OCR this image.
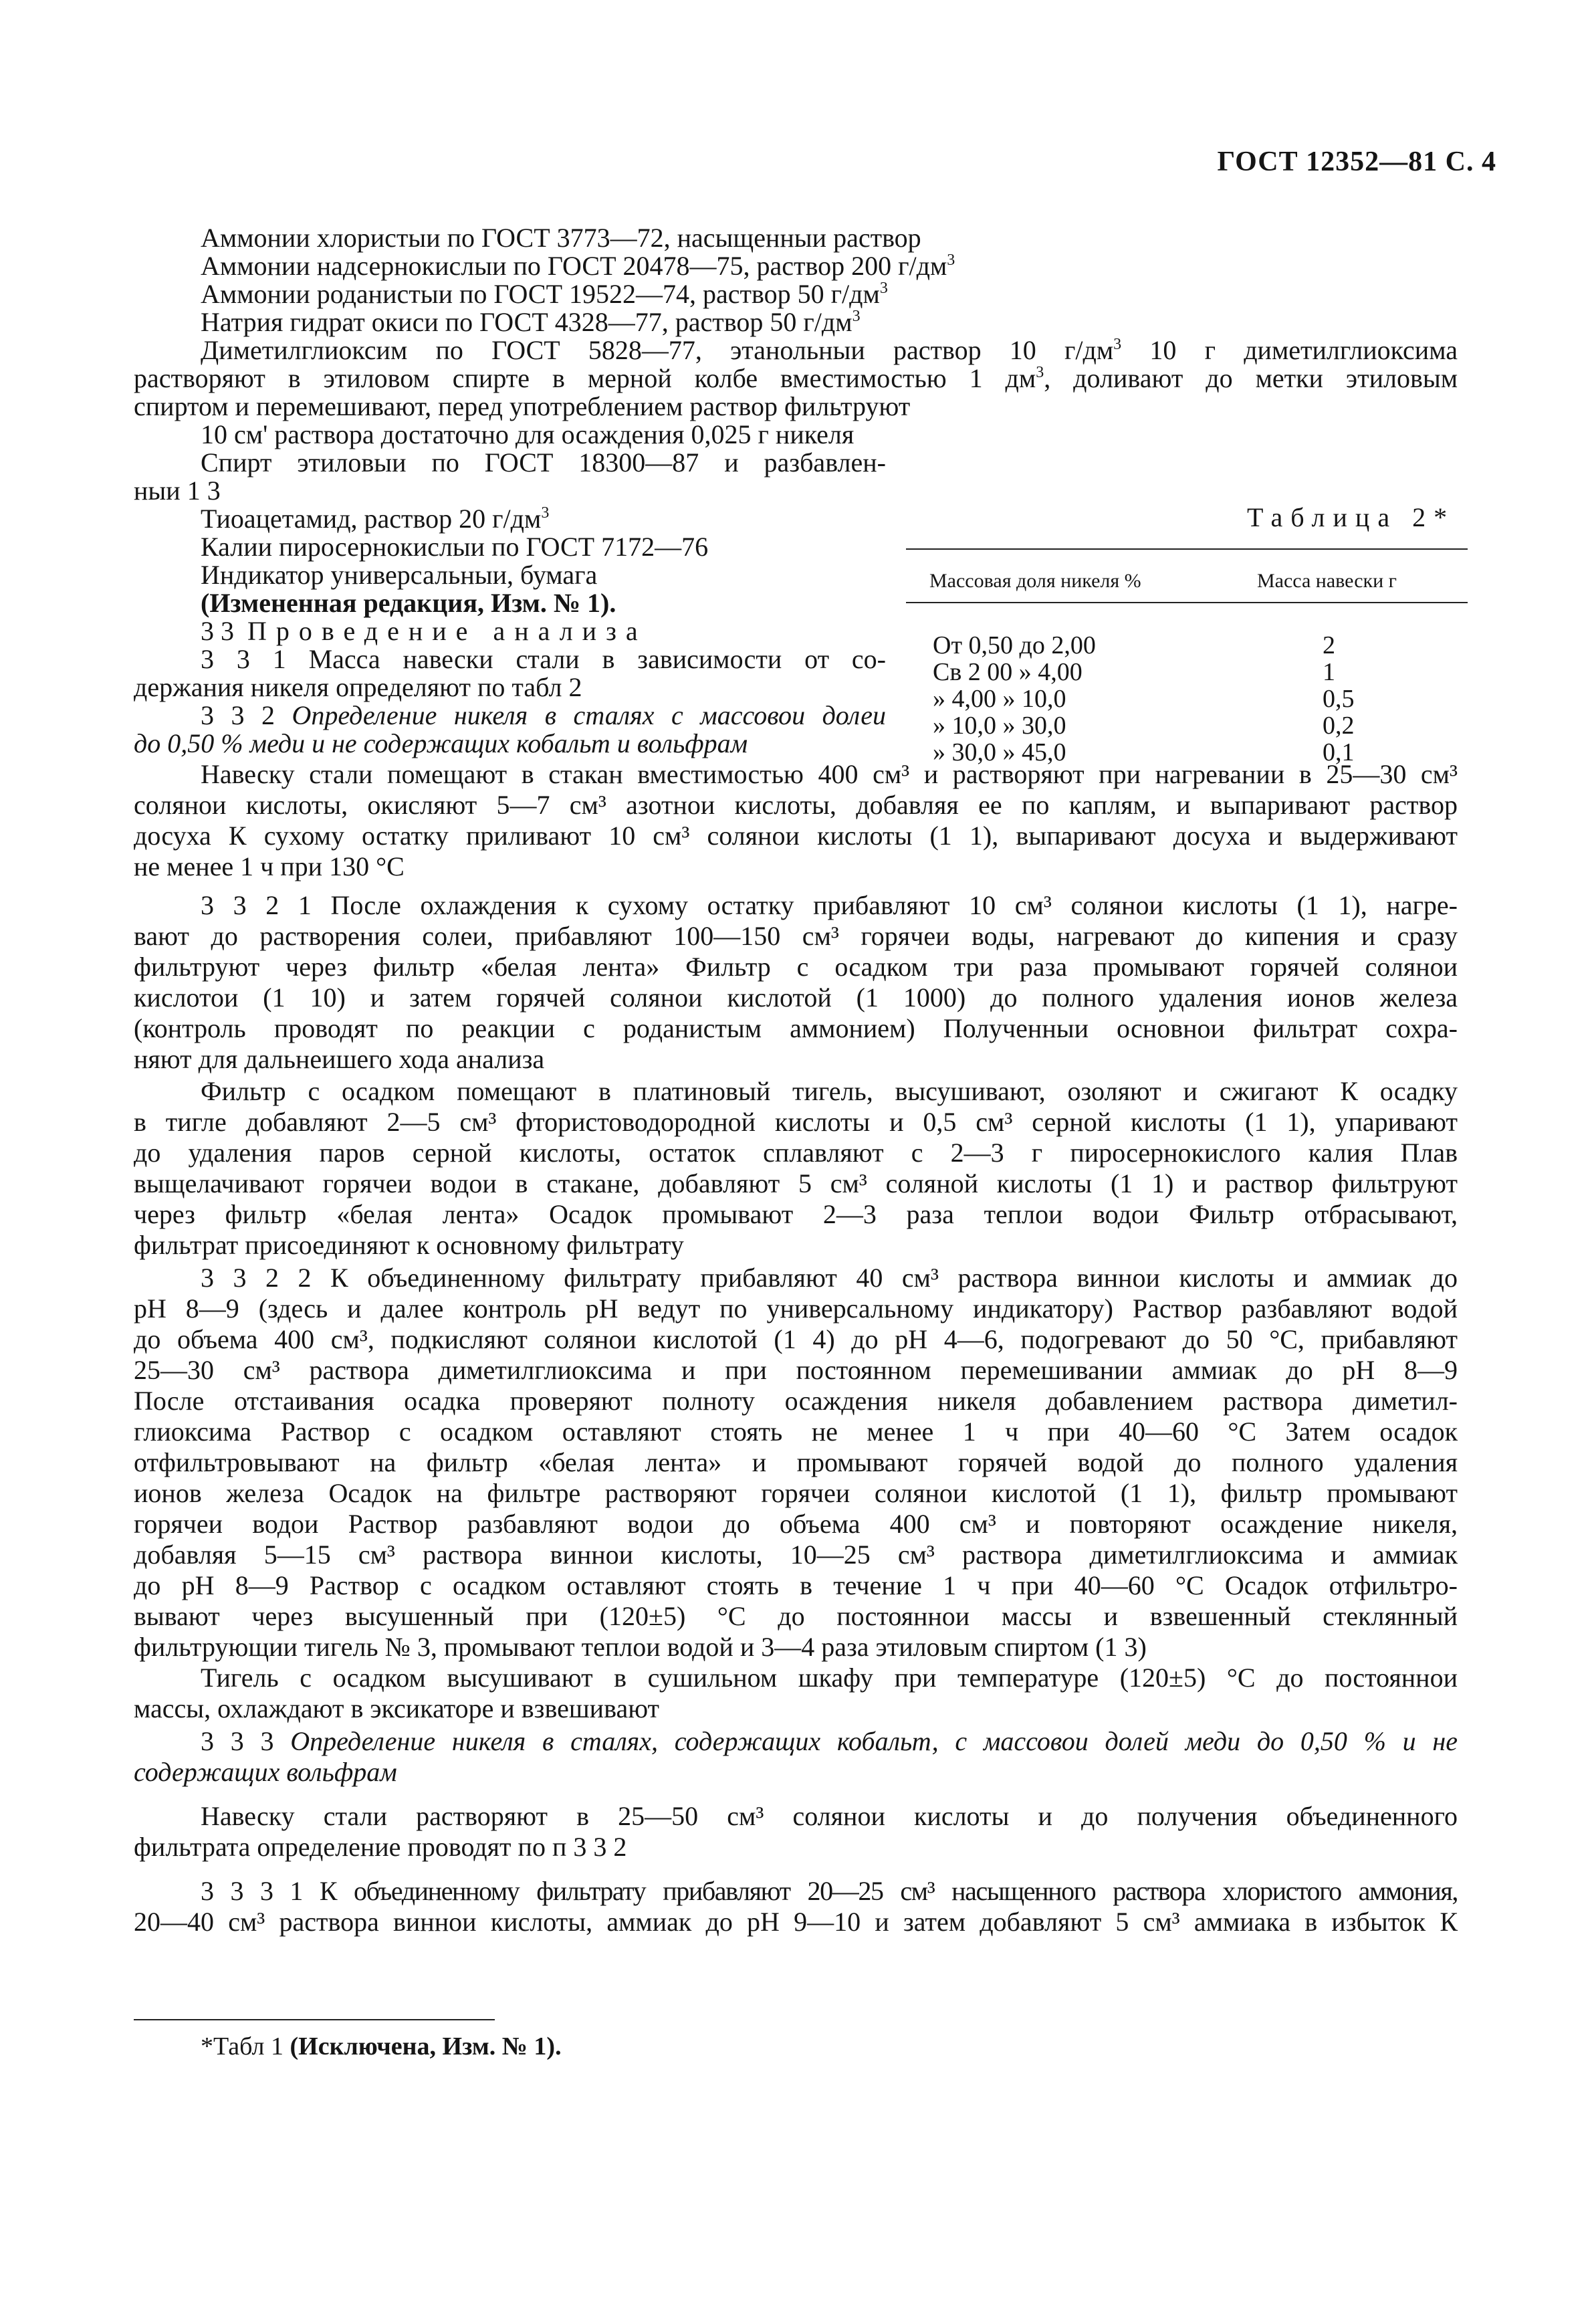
ГОСТ 12352—81 С. 4
Аммонии хлористыи по ГОСТ 3773—72, насыщенныи раствор
Аммонии надсернокислыи по ГОСТ 20478—75, раствор 200 $г/дм^3$
Аммонии роданистыи по ГОСТ 19522—74, раствор 50 $г/дм^3$
Натрия гидрат окиси по ГОСТ 4328—77, раствор 50 $г/дм^3$
Диметилглиоксим по ГОСТ 5828—77, этанольныи раствор 10 $г/дм^3$ 10 г диметилглиоксима
растворяют в этиловом спирте в мерной колбе вместимостью 1 $дм^3$, доливают до метки этиловым
спиртом и перемешивают, перед употреблением раствор фильтруют
10 см' раствора достаточно для осаждения 0,025 г никеля
Спирт этиловыи по ГОСТ 18300—87 и разбавлен-
ныи 1 3
Тиоацетамид, раствор 20 $г/дм^3$
Калии пиросернокислыи по ГОСТ 7172—76
Индикатор универсальныи, бумага
(Измененная редакция, Изм. № 1).
3 3 Проведение анализа
3 3 1 Масса навески стали в зависимости от со-
держания никеля определяют по табл 2
3 3 2 Определение никеля в сталях с массовои долеи
до 0,50 % меди и не содержащих кобальт и вольфрам
Таблица 2*
Массовая доля никеля %	Масса навески г
От 0,50 до 2,00	2
Св 2 00 » 4,00	1
» 4,00 » 10,0	0,5
» 10,0 » 30,0	0,2
» 30,0 » 45,0	0,1
Навеску стали помещают в стакан вместимостью 400 см³ и растворяют при нагревании в 25—30 см³
солянои кислоты, окисляют 5—7 см³ азотнои кислоты, добавляя ее по каплям, и выпаривают раствор
досуха К сухому остатку приливают 10 см³ солянои кислоты (1 1), выпаривают досуха и выдерживают
не менее 1 ч при 130 °С
3 3 2 1 После охлаждения к сухому остатку прибавляют 10 см³ солянои кислоты (1 1), нагре-
вают до растворения солеи, прибавляют 100—150 см³ горячеи воды, нагревают до кипения и сразу
фильтруют через фильтр «белая лента» Фильтр с осадком три раза промывают горячей солянои
кислотои (1 10) и затем горячей солянои кислотой (1 1000) до полного удаления ионов железа
(контроль проводят по реакции с роданистым аммонием) Полученныи основнои фильтрат сохра-
няют для дальнеишего хода анализа
Фильтр с осадком помещают в платиновый тигель, высушивают, озоляют и сжигают К осадку
в тигле добавляют 2—5 см³ фтористоводородной кислоты и 0,5 см³ серной кислоты (1 1), упаривают
до удаления паров серной кислоты, остаток сплавляют с 2—3 г пиросернокислого калия Плав
выщелачивают горячеи водои в стакане, добавляют 5 см³ соляной кислоты (1 1) и раствор фильтруют
через фильтр «белая лента» Осадок промывают 2—3 раза теплои водои Фильтр отбрасывают,
фильтрат присоединяют к основному фильтрату
3 3 2 2 К объединенному фильтрату прибавляют 40 см³ раствора виннои кислоты и аммиак до
рН 8—9 (здесь и далее контроль рН ведут по универсальному индикатору) Раствор разбавляют водой
до объема 400 см³, подкисляют солянои кислотой (1 4) до рН 4—6, подогревают до 50 °С, прибавляют
25—30 см³ раствора диметилглиоксима и при постоянном перемешивании аммиак до рН 8—9
После отстаивания осадка проверяют полноту осаждения никеля добавлением раствора диметил-
глиоксима Раствор с осадком оставляют стоять не менее 1 ч при 40—60 °С Затем осадок
отфильтровывают на фильтр «белая лента» и промывают горячей водой до полного удаления
ионов железа Осадок на фильтре растворяют горячеи солянои кислотой (1 1), фильтр промывают
горячеи водои Раствор разбавляют водои до объема 400 см³ и повторяют осаждение никеля,
добавляя 5—15 см³ раствора виннои кислоты, 10—25 см³ раствора диметилглиоксима и аммиак
до рН 8—9 Раствор с осадком оставляют стоять в течение 1 ч при 40—60 °С Осадок отфильтро-
вывают через высушенный при (120±5) °С до постояннои массы и взвешенный стеклянный
фильтрующии тигель № 3, промывают теплои водой и 3—4 раза этиловым спиртом (1 3)
Тигель с осадком высушивают в сушильном шкафу при температуре (120±5) °С до постояннои
массы, охлаждают в эксикаторе и взвешивают
3 3 3 Определение никеля в сталях, содержащих кобальт, с массовои долей меди до 0,50 % и не
содержащих вольфрам
Навеску стали растворяют в 25—50 см³ солянои кислоты и до получения объединенного
фильтрата определение проводят по п 3 3 2
3 3 3 1 К объединенному фильтрату прибавляют 20—25 см³ насыщенного раствора хлористого аммония,
20—40 см³ раствора виннои кислоты, аммиак до рН 9—10 и затем добавляют 5 см³ аммиака в избыток К
*Табл 1 (Исключена, Изм. № 1).
